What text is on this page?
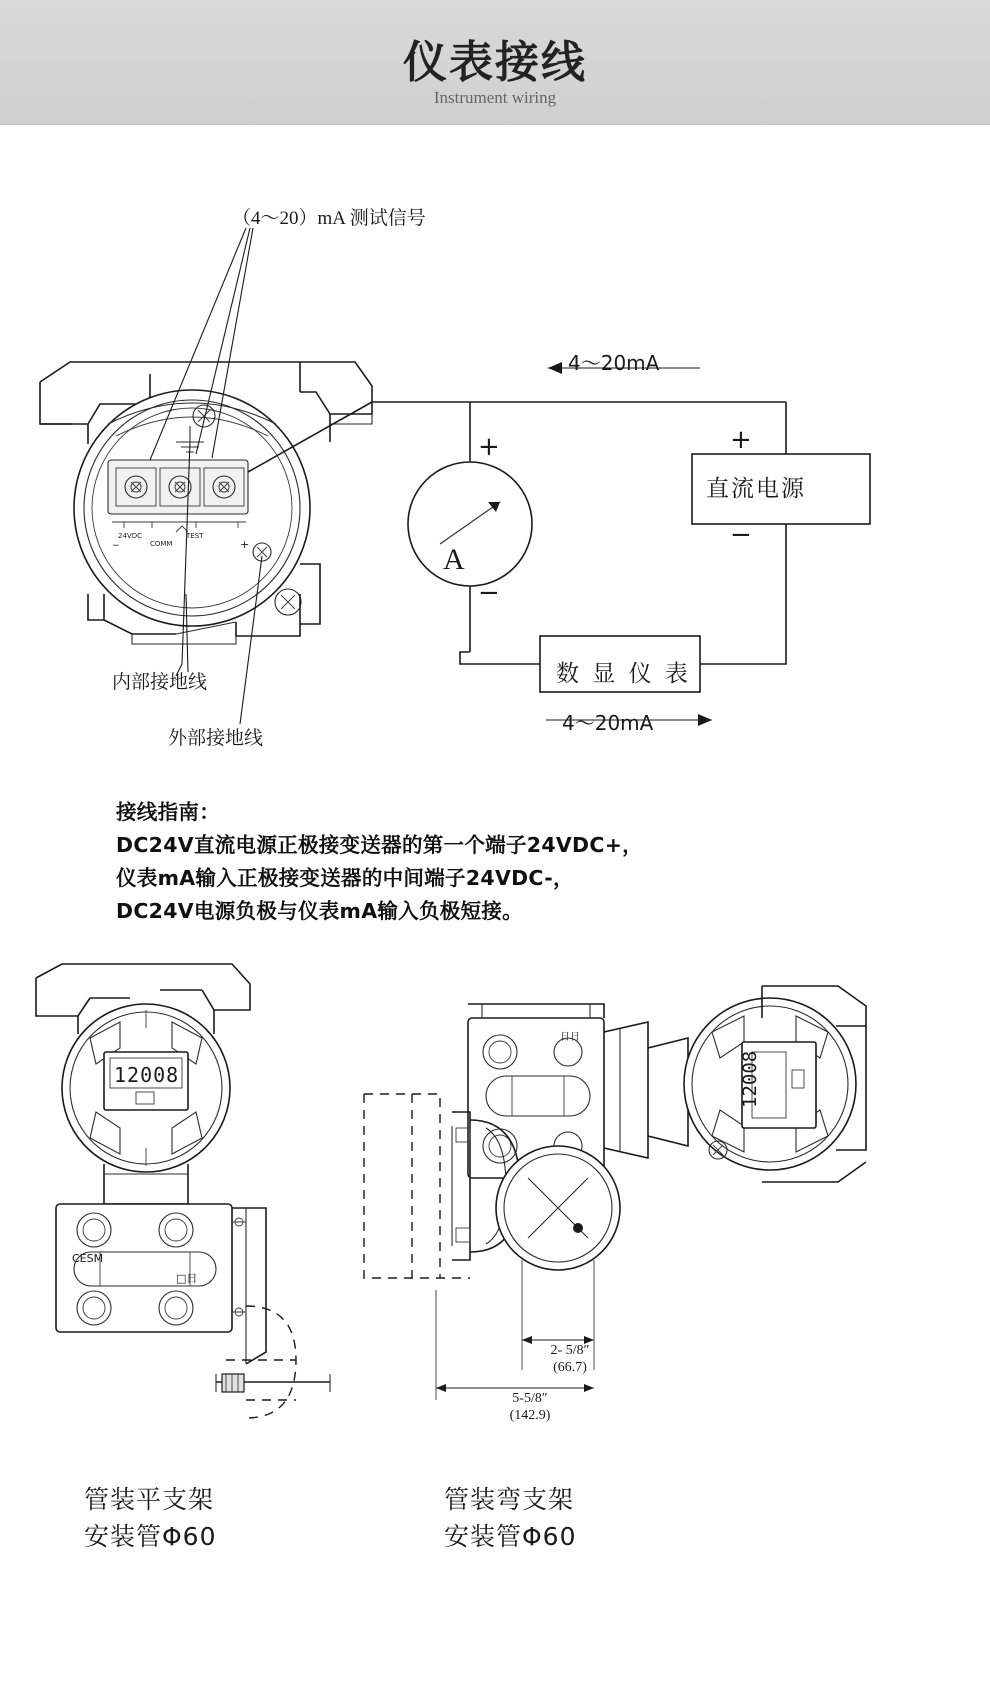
仪表接线
Instrument wiring
24VDC
COMM
TEST
−	+
（4～20）mA 测试信号
内部接地线
外部接地线
4～20mA
4～20mA
直流电源
数 显 仪 表
A
+
−
+
−
接线指南：
DC24V直流电源正极接变送器的第一个端子24VDC+，
仪表mA输入正极接变送器的中间端子24VDC-，
DC24V电源负极与仪表mA输入负极短接。
12008
CESM
□日
日日
12008
2- 5/8″
(66.7)
5-5/8″
(142.9)
管装平支架
安装管Φ60
管装弯支架
安装管Φ60
